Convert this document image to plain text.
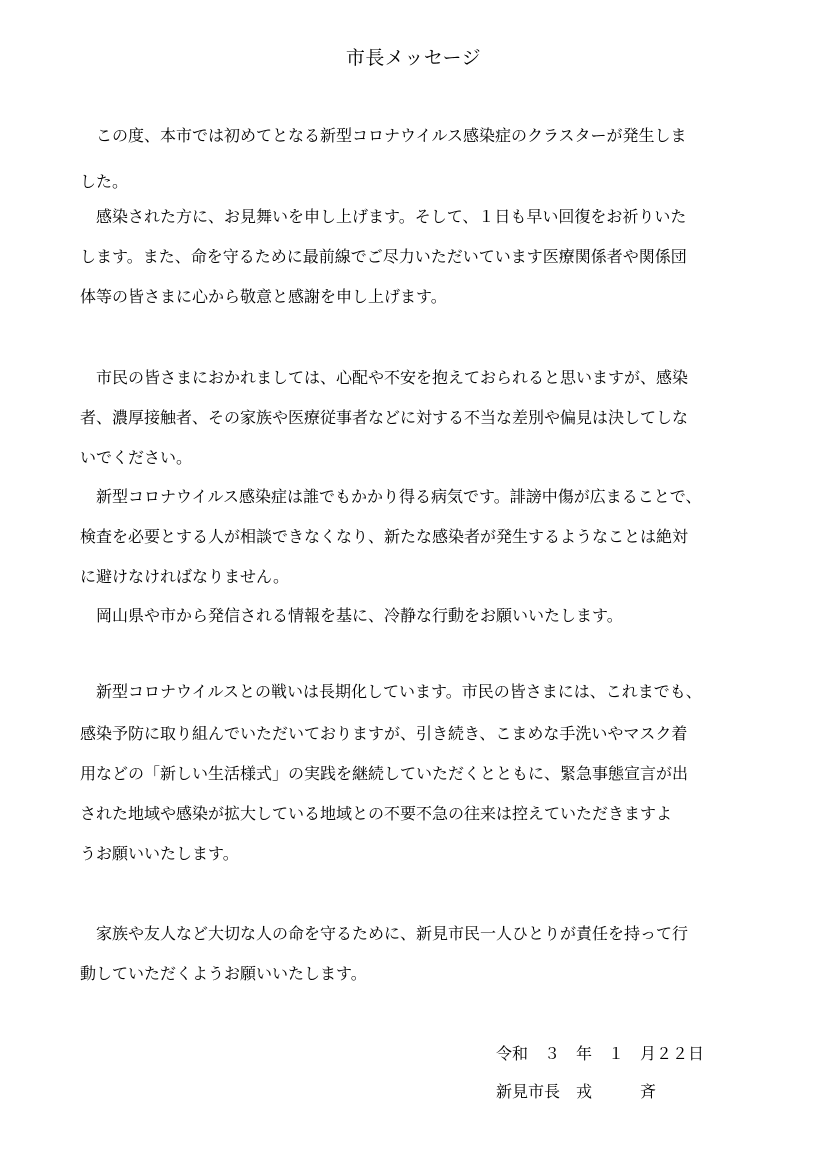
市長メッセージ
この度、本市では初めてとなる新型コロナウイルス感染症のクラスターが発生しま
した。
感染された方に、お見舞いを申し上げます。そして、１日も早い回復をお祈りいた
します。また、命を守るために最前線でご尽力いただいています医療関係者や関係団
体等の皆さまに心から敬意と感謝を申し上げます。
市民の皆さまにおかれましては、心配や不安を抱えておられると思いますが、感染
者、濃厚接触者、その家族や医療従事者などに対する不当な差別や偏見は決してしな
いでください。
新型コロナウイルス感染症は誰でもかかり得る病気です。誹謗中傷が広まることで、
検査を必要とする人が相談できなくなり、新たな感染者が発生するようなことは絶対
に避けなければなりません。
岡山県や市から発信される情報を基に、冷静な行動をお願いいたします。
新型コロナウイルスとの戦いは長期化しています。市民の皆さまには、これまでも、
感染予防に取り組んでいただいておりますが、引き続き、こまめな手洗いやマスク着
用などの「新しい生活様式」の実践を継続していただくとともに、緊急事態宣言が出
された地域や感染が拡大している地域との不要不急の往来は控えていただきますよ
うお願いいたします。
家族や友人など大切な人の命を守るために、新見市民一人ひとりが責任を持って行
動していただくようお願いいたします。
令和　３　年　１　月２２日
新見市長　戎　　　斉
